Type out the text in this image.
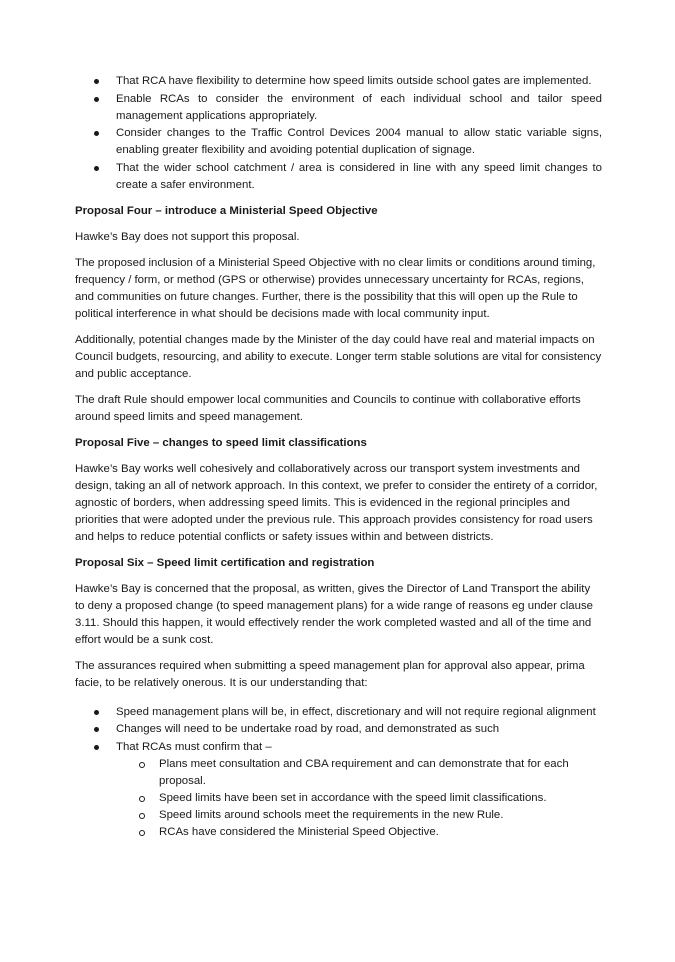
That RCA have flexibility to determine how speed limits outside school gates are implemented.
Enable RCAs to consider the environment of each individual school and tailor speed management applications appropriately.
Consider changes to the Traffic Control Devices 2004 manual to allow static variable signs, enabling greater flexibility and avoiding potential duplication of signage.
That the wider school catchment / area is considered in line with any speed limit changes to create a safer environment.
Proposal Four – introduce a Ministerial Speed Objective

Hawke’s Bay does not support this proposal.

The proposed inclusion of a Ministerial Speed Objective with no clear limits or conditions around timing, frequency / form, or method (GPS or otherwise) provides unnecessary uncertainty for RCAs, regions, and communities on future changes. Further, there is the possibility that this will open up the Rule to political interference in what should be decisions made with local community input.

Additionally, potential changes made by the Minister of the day could have real and material impacts on Council budgets, resourcing, and ability to execute. Longer term stable solutions are vital for consistency and public acceptance.

The draft Rule should empower local communities and Councils to continue with collaborative efforts around speed limits and speed management.

Proposal Five – changes to speed limit classifications

Hawke’s Bay works well cohesively and collaboratively across our transport system investments and design, taking an all of network approach. In this context, we prefer to consider the entirety of a corridor, agnostic of borders, when addressing speed limits. This is evidenced in the regional principles and priorities that were adopted under the previous rule. This approach provides consistency for road users and helps to reduce potential conflicts or safety issues within and between districts.

Proposal Six – Speed limit certification and registration

Hawke’s Bay is concerned that the proposal, as written, gives the Director of Land Transport the ability to deny a proposed change (to speed management plans) for a wide range of reasons eg under clause 3.11. Should this happen, it would effectively render the work completed wasted and all of the time and effort would be a sunk cost.

The assurances required when submitting a speed management plan for approval also appear, prima facie, to be relatively onerous. It is our understanding that:

Speed management plans will be, in effect, discretionary and will not require regional alignment
Changes will need to be undertake road by road, and demonstrated as such
That RCAs must confirm that –
Plans meet consultation and CBA requirement and can demonstrate that for each proposal.
Speed limits have been set in accordance with the speed limit classifications.
Speed limits around schools meet the requirements in the new Rule.
RCAs have considered the Ministerial Speed Objective.
